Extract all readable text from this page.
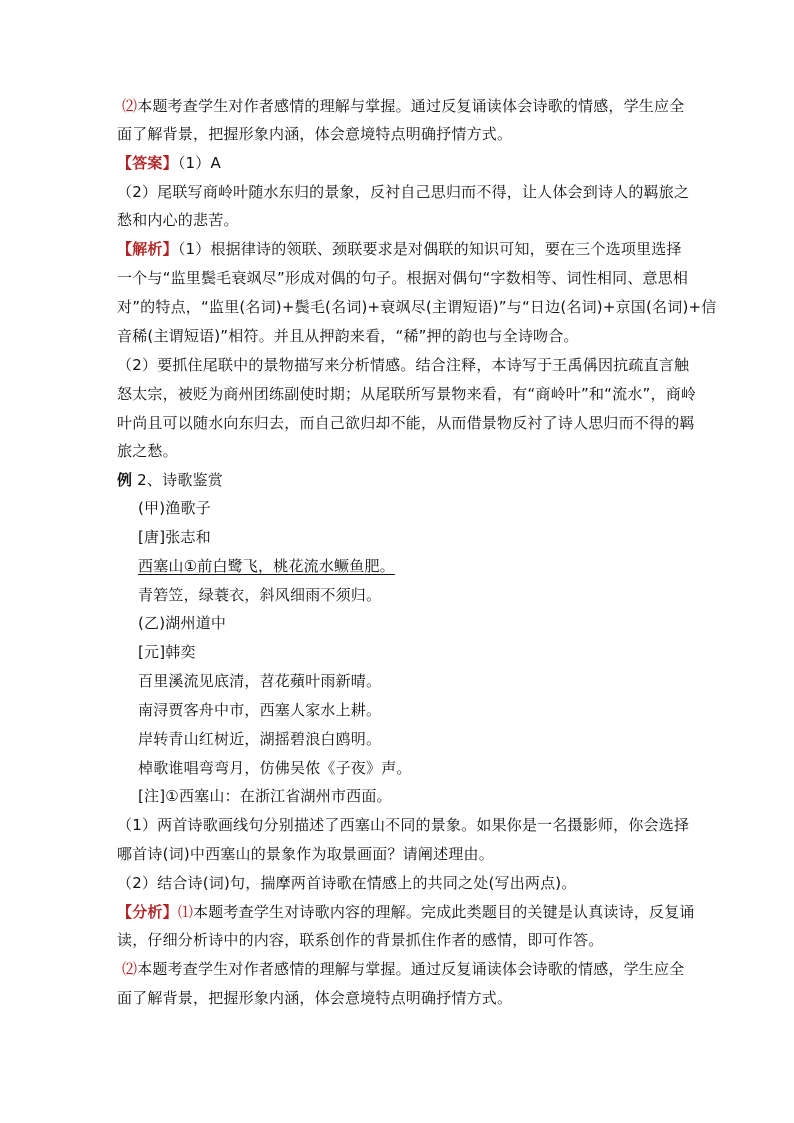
⑵本题考查学生对作者感情的理解与掌握。通过反复诵读体会诗歌的情感，学生应全
面了解背景，把握形象内涵，体会意境特点明确抒情方式。
【答案】（1）A
（2）尾联写商岭叶随水东归的景象，反衬自己思归而不得，让人体会到诗人的羁旅之
愁和内心的悲苦。
【解析】（1）根据律诗的领联、颈联要求是对偶联的知识可知，要在三个选项里选择
一个与“监里鬓毛衰飒尽”形成对偶的句子。根据对偶句“字数相等、词性相同、意思相
对”的特点，“监里(名词)+鬓毛(名词)+衰飒尽(主谓短语)”与“日边(名词)+京国(名词)+信
音稀(主谓短语)”相符。并且从押韵来看，“稀”押的韵也与全诗吻合。
（2）要抓住尾联中的景物描写来分析情感。结合注释，本诗写于王禹偁因抗疏直言触
怒太宗，被贬为商州团练副使时期；从尾联所写景物来看，有“商岭叶”和“流水”，商岭
叶尚且可以随水向东归去，而自己欲归却不能，从而借景物反衬了诗人思归而不得的羁
旅之愁。
例 2、诗歌鉴赏
(甲)渔歌子
[唐]张志和
西塞山①前白鹭飞，桃花流水鳜鱼肥。
青箬笠，绿蓑衣，斜风细雨不须归。
(乙)湖州道中
[元]韩奕
百里溪流见底清，苕花蘋叶雨新晴。
南浔贾客舟中市，西塞人家水上耕。
岸转青山红树近，湖摇碧浪白鸥明。
棹歌谁唱弯弯月，仿佛吴侬《子夜》声。
[注]①西塞山：在浙江省湖州市西面。
（1）两首诗歌画线句分别描述了西塞山不同的景象。如果你是一名摄影师，你会选择
哪首诗(词)中西塞山的景象作为取景画面？请阐述理由。
（2）结合诗(词)句，揣摩两首诗歌在情感上的共同之处(写出两点)。
【分析】⑴本题考查学生对诗歌内容的理解。完成此类题目的关键是认真读诗，反复诵
读，仔细分析诗中的内容，联系创作的背景抓住作者的感情，即可作答。
⑵本题考查学生对作者感情的理解与掌握。通过反复诵读体会诗歌的情感，学生应全
面了解背景，把握形象内涵，体会意境特点明确抒情方式。
